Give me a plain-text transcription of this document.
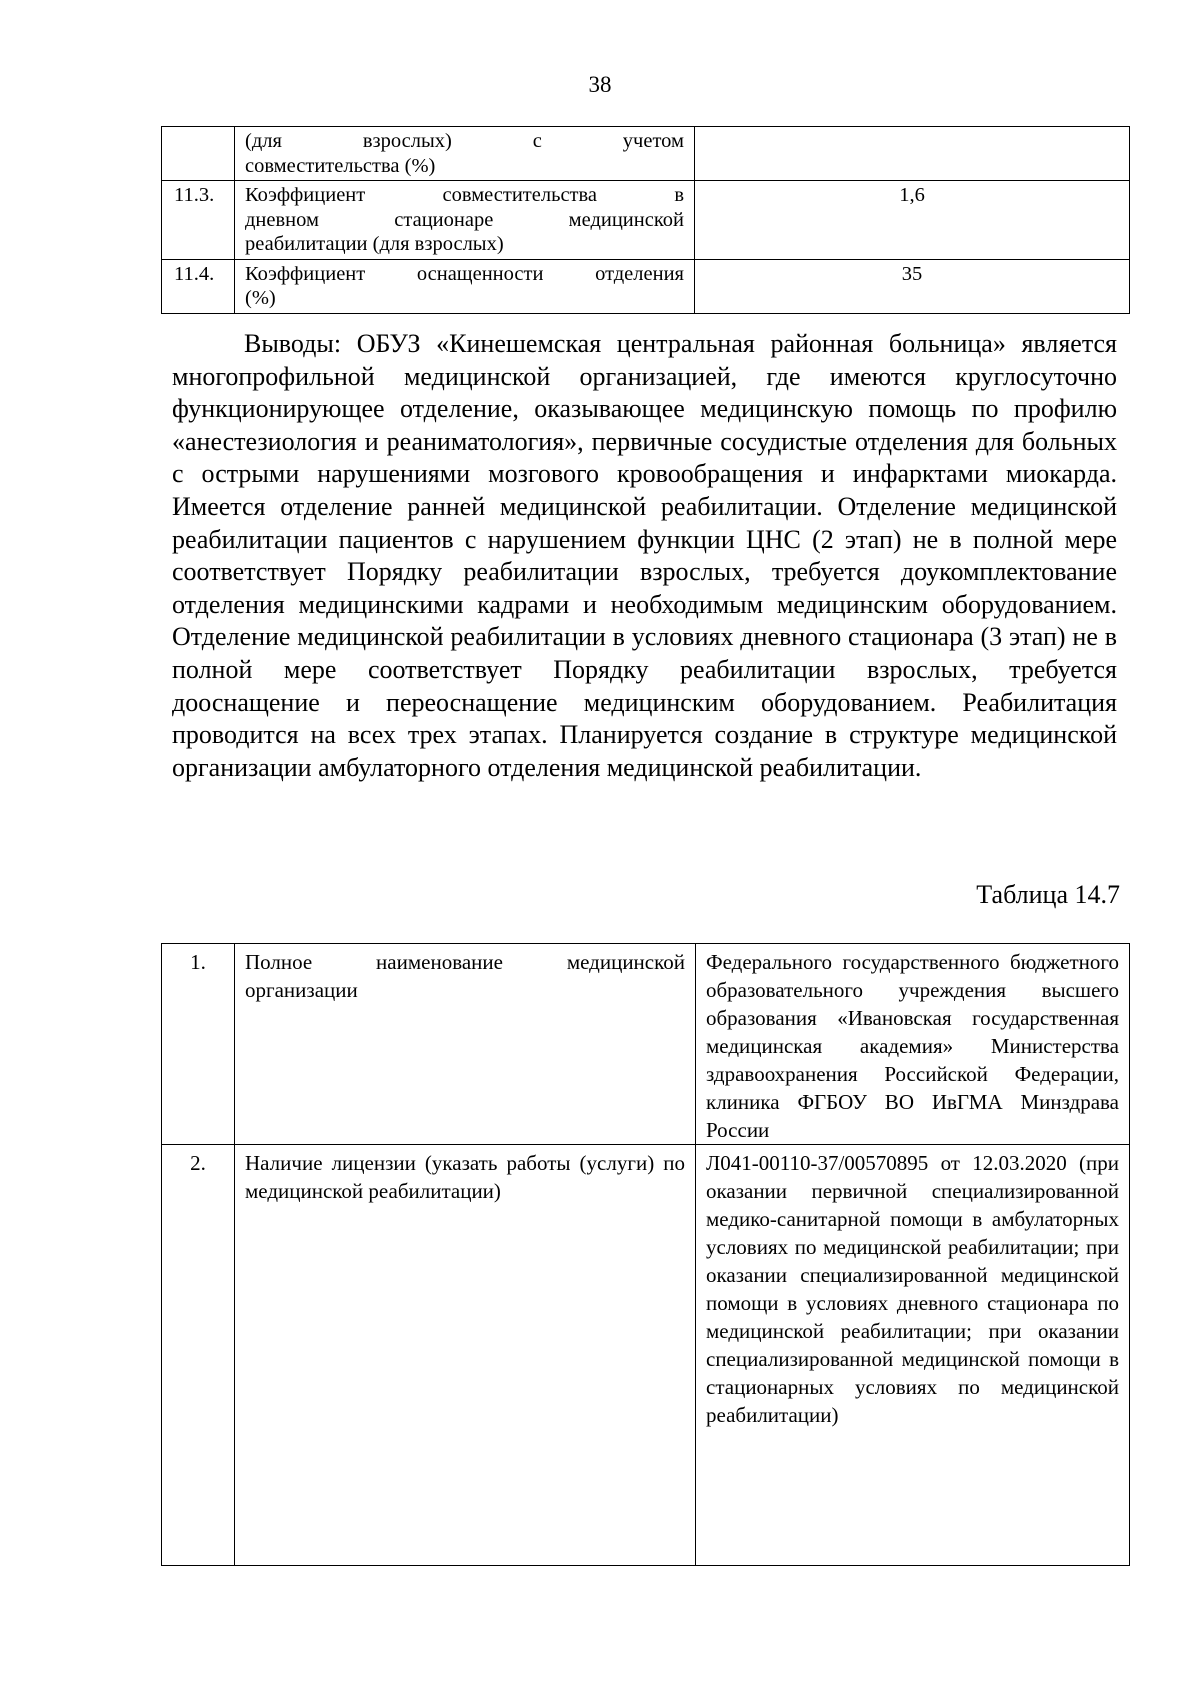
38

	(для взрослых) с учетом
совместительства (%)	

11.3.	Коэффициент совместительства в
дневном стационаре медицинской
реабилитации (для взрослых)	1,6
11.4.	Коэффициент оснащенности отделения
(%)	35

Выводы: ОБУЗ «Кинешемская центральная районная больница» является многопрофильной медицинской организацией, где имеются круглосуточно функционирующее отделение, оказывающее медицинскую помощь по профилю «анестезиология и реаниматология», первичные сосудистые отделения для больных с острыми нарушениями мозгового кровообращения и инфарктами миокарда. Имеется отделение ранней медицинской реабилитации. Отделение медицинской реабилитации пациентов с нарушением функции ЦНС (2 этап) не в полной мере соответствует Порядку реабилитации взрослых, требуется доукомплектование отделения медицинскими кадрами и необходимым медицинским оборудованием. Отделение медицинской реабилитации в условиях дневного стационара (3 этап) не в полной мере соответствует Порядку реабилитации взрослых, требуется дооснащение и переоснащение медицинским оборудованием. Реабилитация проводится на всех трех этапах. Планируется создание в структуре медицинской организации амбулаторного отделения медицинской реабилитации.

Таблица 14.7
1.	Полное наименование медицинской организации	Федерального государственного бюджетного образовательного учреждения высшего образования «Ивановская государственная медицинская академия» Министерства здравоохранения Российской Федерации, клиника ФГБОУ ВО ИвГМА Минздрава России
2.	Наличие лицензии (указать работы (услуги) по медицинской реабилитации)	Л041-00110-37/00570895 от 12.03.2020 (при оказании первичной специализированной медико-санитарной помощи в амбулаторных условиях по медицинской реабилитации; при оказании специализированной медицинской помощи в условиях дневного стационара по медицинской реабилитации; при оказании специализированной медицинской помощи в стационарных условиях по медицинской реабилитации)
